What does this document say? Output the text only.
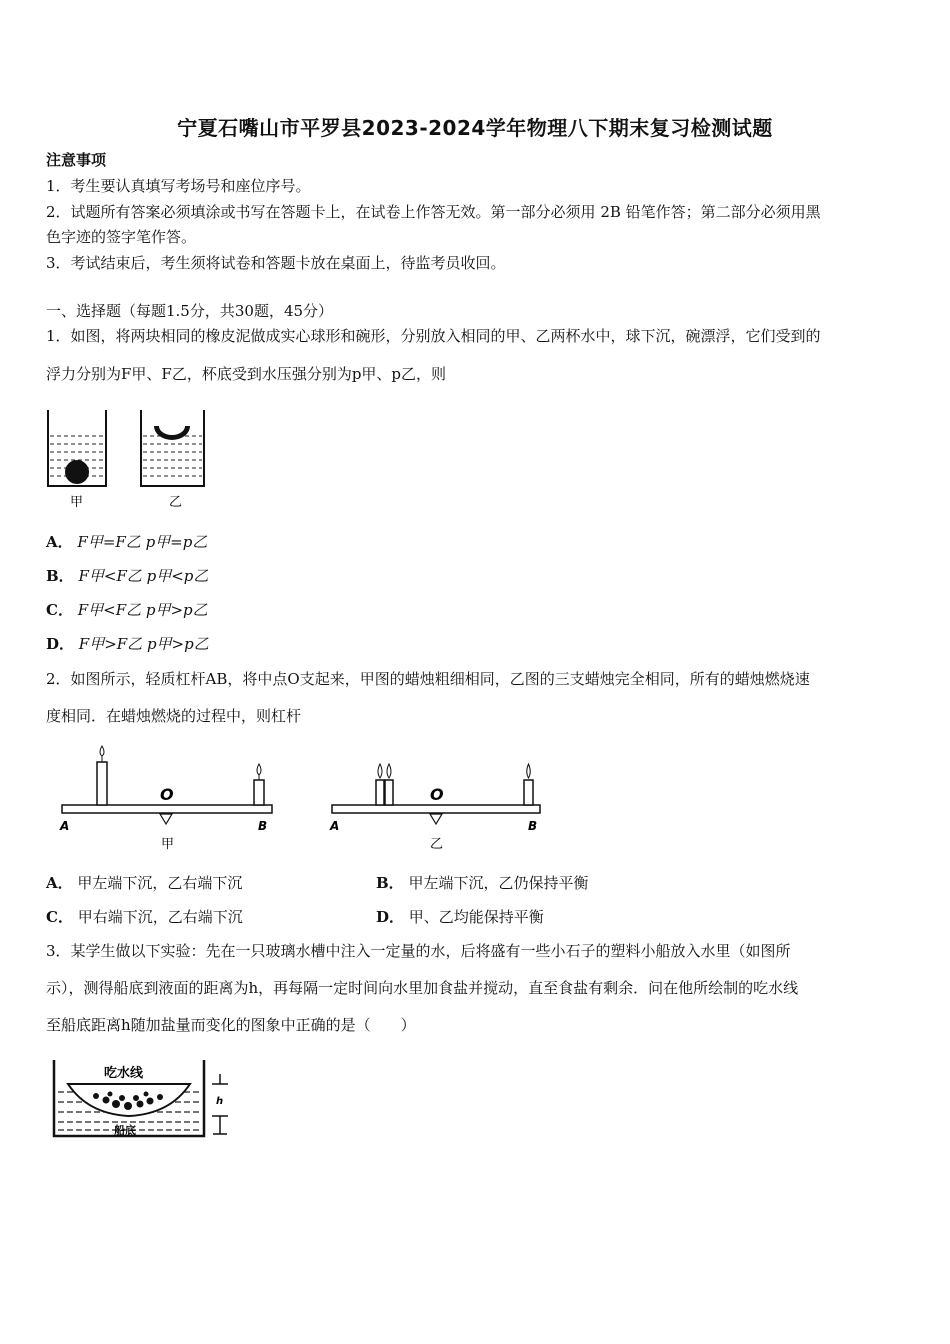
宁夏石嘴山市平罗县2023-2024学年物理八下期末复习检测试题
注意事项
1．考生要认真填写考场号和座位序号。
2．试题所有答案必须填涂或书写在答题卡上，在试卷上作答无效。第一部分必须用 2B 铅笔作答；第二部分必须用黑
色字迹的签字笔作答。
3．考试结束后，考生须将试卷和答题卡放在桌面上，待监考员收回。
一、选择题（每题1.5分，共30题，45分）
1．如图，将两块相同的橡皮泥做成实心球形和碗形，分别放入相同的甲、乙两杯水中，球下沉，碗漂浮，它们受到的
浮力分别为F甲、F乙，杯底受到水压强分别为p甲、p乙，则
甲	乙
A． F甲=F乙 p甲=p乙
B． F甲<F乙 p甲<p乙
C． F甲<F乙 p甲>p乙
D． F甲>F乙 p甲>p乙
2．如图所示，轻质杠杆AB，将中点O支起来，甲图的蜡烛粗细相同，乙图的三支蜡烛完全相同，所有的蜡烛燃烧速
度相同．在蜡烛燃烧的过程中，则杠杆
O
A	B
甲
O
A	B
乙
A． 甲左端下沉，乙右端下沉	B． 甲左端下沉，乙仍保持平衡
C． 甲右端下沉，乙右端下沉	D． 甲、乙均能保持平衡
3．某学生做以下实验：先在一只玻璃水槽中注入一定量的水，后将盛有一些小石子的塑料小船放入水里（如图所
示），测得船底到液面的距离为h，再每隔一定时间向水里加食盐并搅动，直至食盐有剩余．问在他所绘制的吃水线
至船底距离h随加盐量而变化的图象中正确的是（　　）
吃水线
船底
h
